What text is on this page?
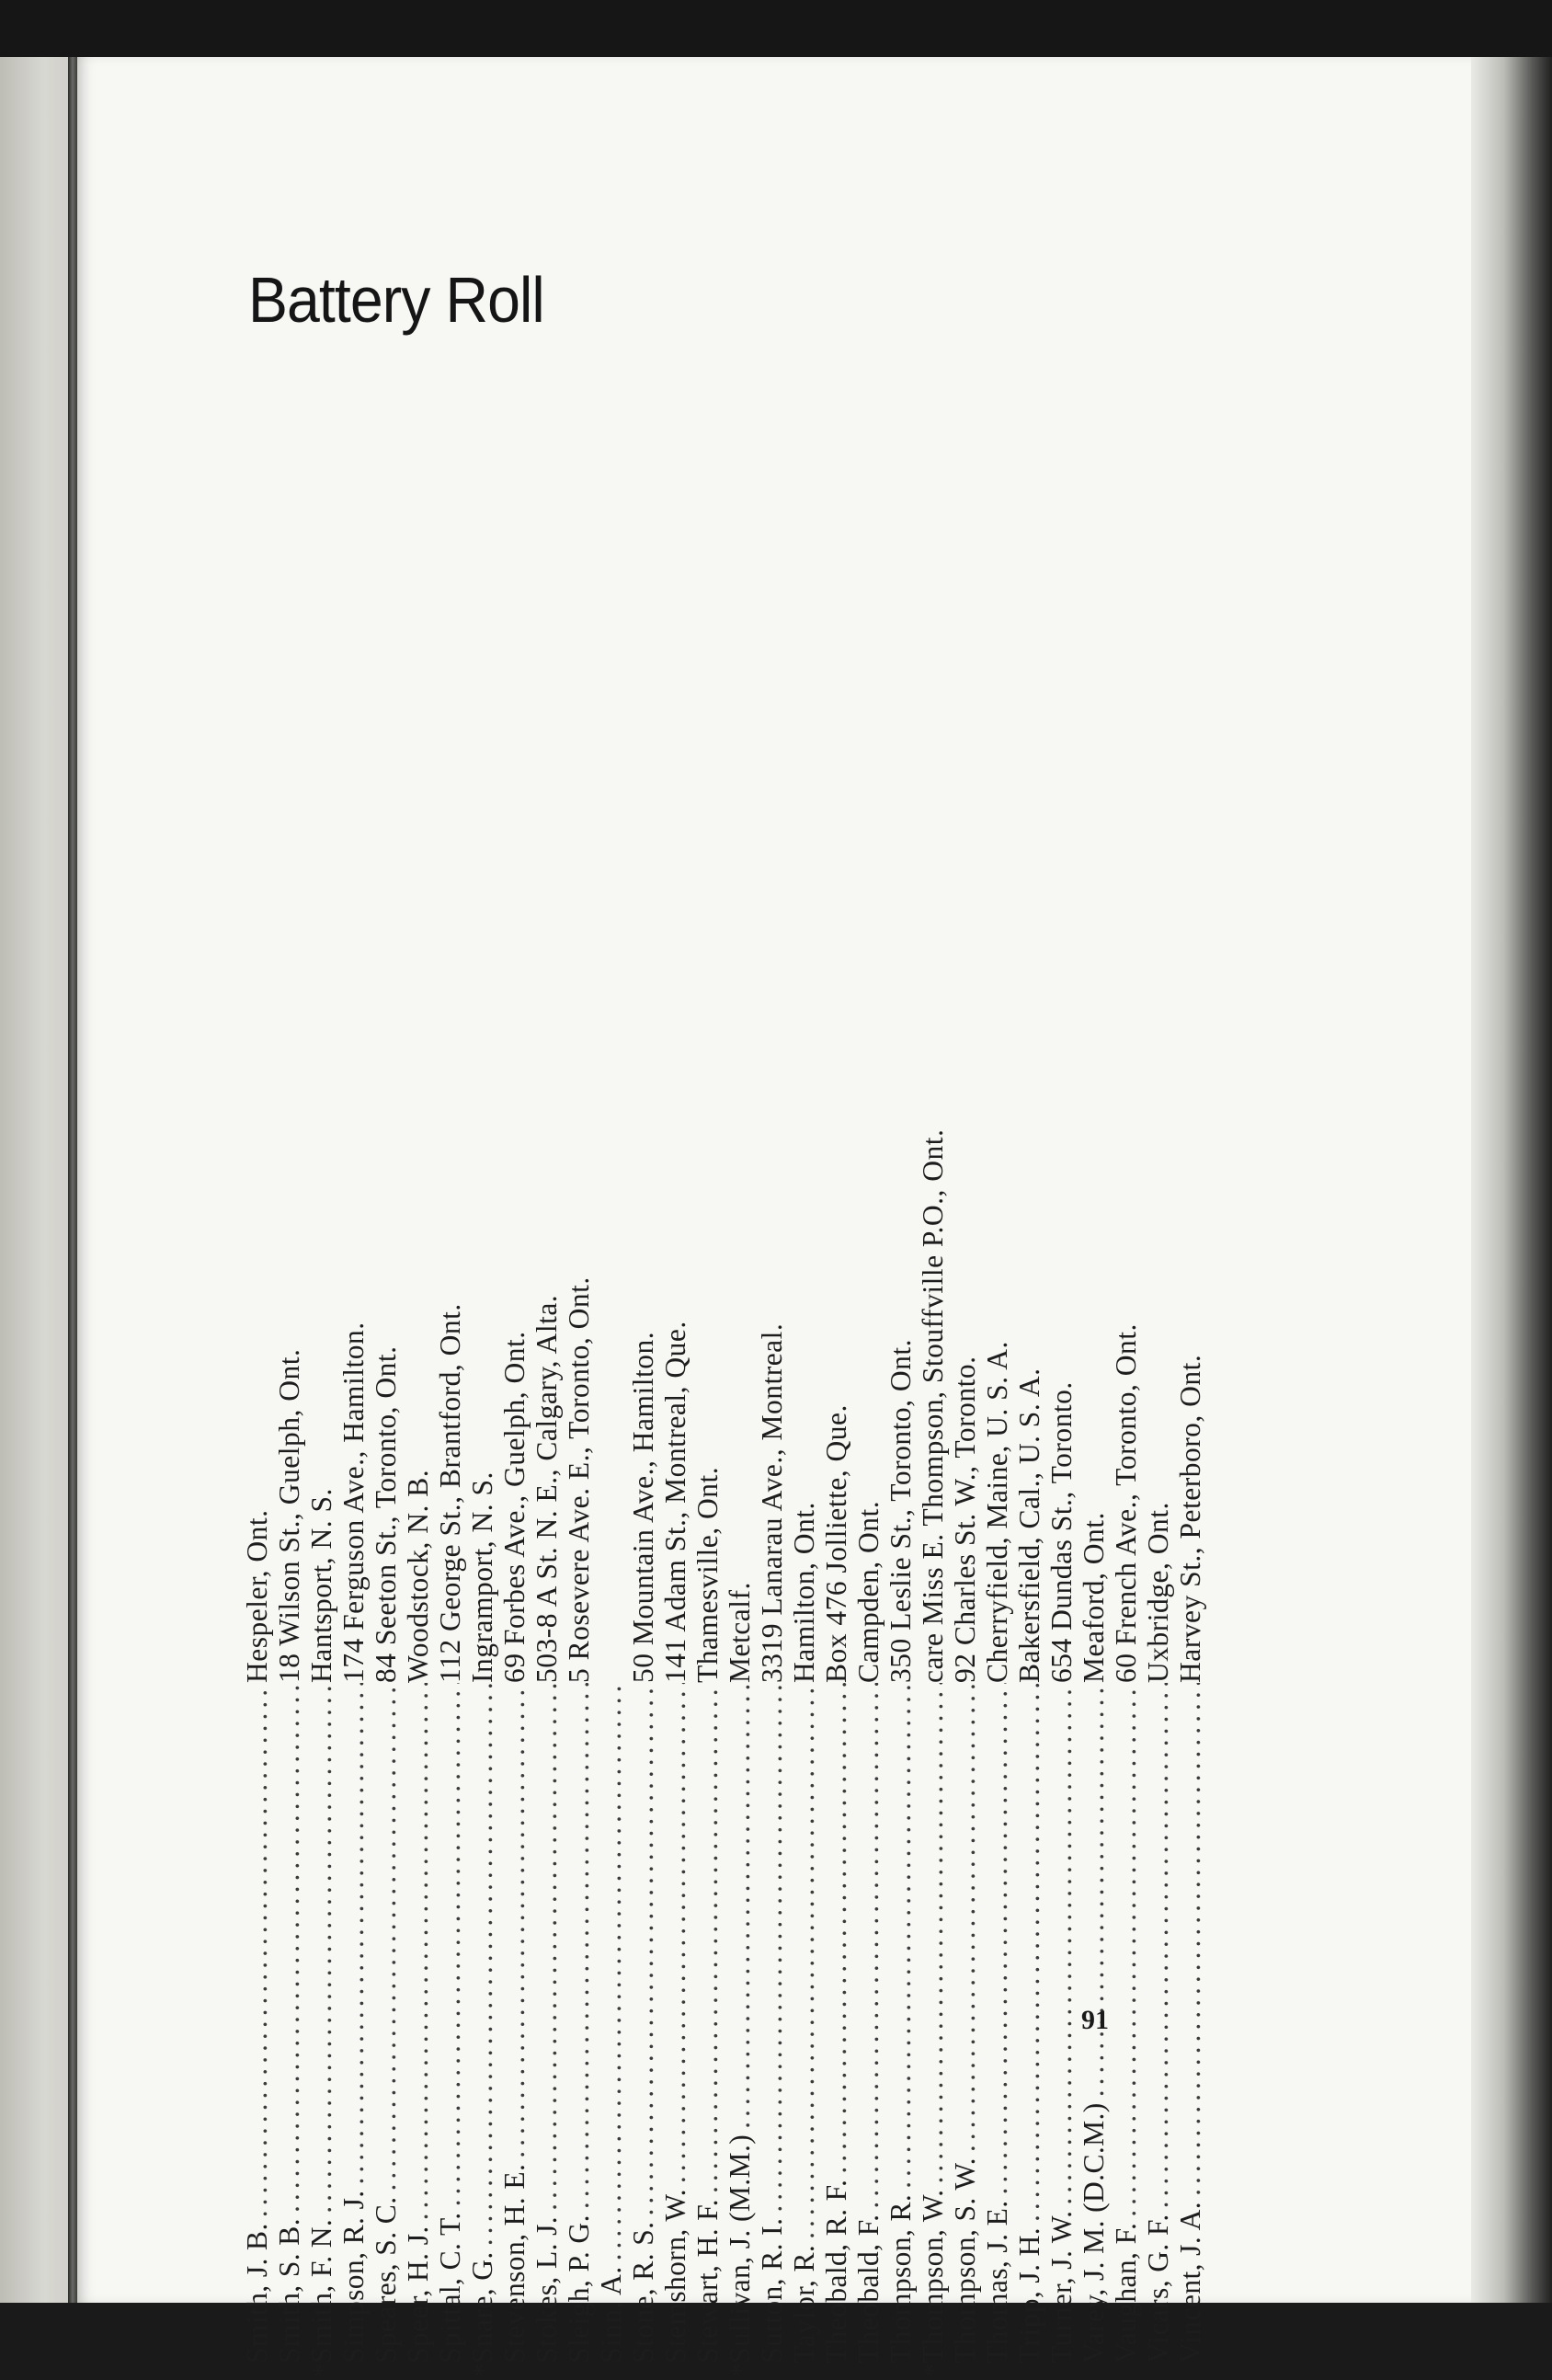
Battery Roll
Smith, J. B.
.....
Hespeler, Ont.
Smith, S. B.
.....
18 Wilson St., Guelph, Ont.
*
Smith, F. N.
.....
Hantsport, N. S.
Simpson, R. J.
.....
174 Ferguson Ave., Hamilton.
Speares, S. C.
.....
84 Seeton St., Toronto, Ont.
Speer, H. J.
.....
Woodstock, N. B.
Spittal, C. T.
.....
112 George St., Brantford, Ont.
*
Snare, G.
.....
Ingramport, N. S.
Stevenson, H. E.
.....
69 Forbes Ave., Guelph, Ont.
Stokes, L. J.
.....
503-8 A St. N. E., Calgary, Alta.
Sleigh, P. G.
.....
5 Rosevere Ave. E., Toronto, Ont.
Sinn, A.
..... Stone, R. S.
.....
50 Mountain Ave., Hamilton.
Stemshorn, W.
.....
141 Adam St., Montreal, Que.
Stewart, H. F.
.....
Thamesville, Ont.
*
Sullivan, J. (M.M.)
.....
Metcalf.
Sutton, R. I.
.....
3319 Lanarau Ave., Montreal.
Taylor, R.
.....
Hamilton, Ont.
Theobald, R. F.
.....
Box 476 Jolliette, Que.
Theobald, F.
.....
Campden, Ont.
Thompson, R.
.....
350 Leslie St., Toronto, Ont.
*
Thompson, W.
.....
care Miss E. Thompson, Stouffville P.O., Ont.
Thompson, S. W.
.....
92 Charles St. W., Toronto.
Thomas, J. E.
.....
Cherryfield, Maine, U. S. A.
Tripp, J. H.
.....
Bakersfield, Cal., U. S. A.
Turner, J. W.
.....
654 Dundas St., Toronto.
Varey, J. M. (D.C.M.)
.....
Meaford, Ont.
Vaughan, F.
.....
60 French Ave., Toronto, Ont.
Vicars, G. F.
.....
Uxbridge, Ont.
Vincent, J. A.
.....
Harvey St., Peterboro, Ont.
91
